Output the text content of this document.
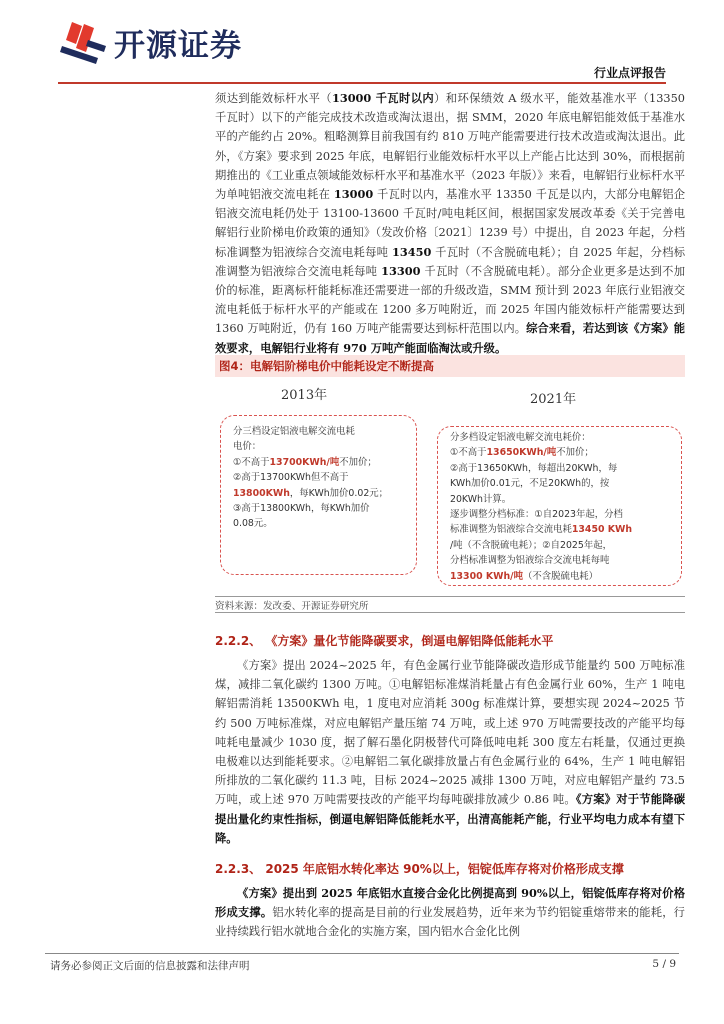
开源证券
行业点评报告
须达到能效标杆水平（13000 千瓦时以内）和环保绩效 A 级水平，能效基准水平（13350 千瓦时）以下的产能完成技术改造或淘汰退出，据 SMM，2020 年底电解铝能效低于基准水平的产能约占 20%。粗略测算目前我国有约 810 万吨产能需要进行技术改造或淘汰退出。此外，《方案》要求到 2025 年底，电解铝行业能效标杆水平以上产能占比达到 30%，而根据前期推出的《工业重点领域能效标杆水平和基准水平（2023 年版）》来看，电解铝行业标杆水平为单吨铝液交流电耗在 13000 千瓦时以内，基准水平 13350 千瓦是以内，大部分电解铝企铝液交流电耗仍处于 13100-13600 千瓦时/吨电耗区间，根据国家发展改革委《关于完善电解铝行业阶梯电价政策的通知》（发改价格〔2021〕1239 号）中提出，自 2023 年起，分档标准调整为铝液综合交流电耗每吨 13450 千瓦时（不含脱硫电耗）；自 2025 年起，分档标准调整为铝液综合交流电耗每吨 13300 千瓦时（不含脱硫电耗）。部分企业更多是达到不加价的标准，距离标杆能耗标准还需要进一部的升级改造，SMM 预计到 2023 年底行业铝液交流电耗低于标杆水平的产能或在 1200 多万吨附近，而 2025 年国内能效标杆产能需要达到 1360 万吨附近，仍有 160 万吨产能需要达到标杆范围以内。综合来看，若达到该《方案》能效要求，电解铝行业将有 970 万吨产能面临淘汰或升级。
图4：电解铝阶梯电价中能耗设定不断提高
2013年	2021年
分三档设定铝液电解交流电耗
电价：
①不高于13700KWh/吨不加价；
②高于13700KWh但不高于
13800KWh，每KWh加价0.02元；
③高于13800KWh，每KWh加价
0.08元。
分多档设定铝液电解交流电耗价：
①不高于13650KWh/吨不加价；
②高于13650KWh，每超出20KWh，每
KWh加价0.01元，不足20KWh的，按
20KWh计算。
逐步调整分档标准：①自2023年起，分档
标准调整为铝液综合交流电耗13450 KWh
/吨（不含脱硫电耗）；②自2025年起，
分档标准调整为铝液综合交流电耗每吨
13300 KWh/吨（不含脱硫电耗）
资料来源：发改委、开源证券研究所
2.2.2、 《方案》量化节能降碳要求，倒逼电解铝降低能耗水平
《方案》提出 2024~2025 年，有色金属行业节能降碳改造形成节能量约 500 万吨标准煤，减排二氧化碳约 1300 万吨。①电解铝标准煤消耗量占有色金属行业 60%，生产 1 吨电解铝需消耗 13500KWh 电，1 度电对应消耗 300g 标准煤计算，要想实现 2024~2025 节约 500 万吨标准煤，对应电解铝产量压缩 74 万吨，或上述 970 万吨需要技改的产能平均每吨耗电量减少 1030 度，据了解石墨化阴极替代可降低吨电耗 300 度左右耗量，仅通过更换电极难以达到能耗要求。②电解铝二氧化碳排放量占有色金属行业的 64%，生产 1 吨电解铝所排放的二氧化碳约 11.3 吨，目标 2024~2025 减排 1300 万吨，对应电解铝产量约 73.5 万吨，或上述 970 万吨需要技改的产能平均每吨碳排放减少 0.86 吨。《方案》对于节能降碳提出量化约束性指标，倒逼电解铝降低能耗水平，出清高能耗产能，行业平均电力成本有望下降。
2.2.3、 2025 年底铝水转化率达 90%以上，铝锭低库存将对价格形成支撑
《方案》提出到 2025 年底铝水直接合金化比例提高到 90%以上，铝锭低库存将对价格形成支撑。铝水转化率的提高是目前的行业发展趋势，近年来为节约铝锭重熔带来的能耗，行业持续践行铝水就地合金化的实施方案，国内铝水合金化比例
请务必参阅正文后面的信息披露和法律声明	5 / 9
